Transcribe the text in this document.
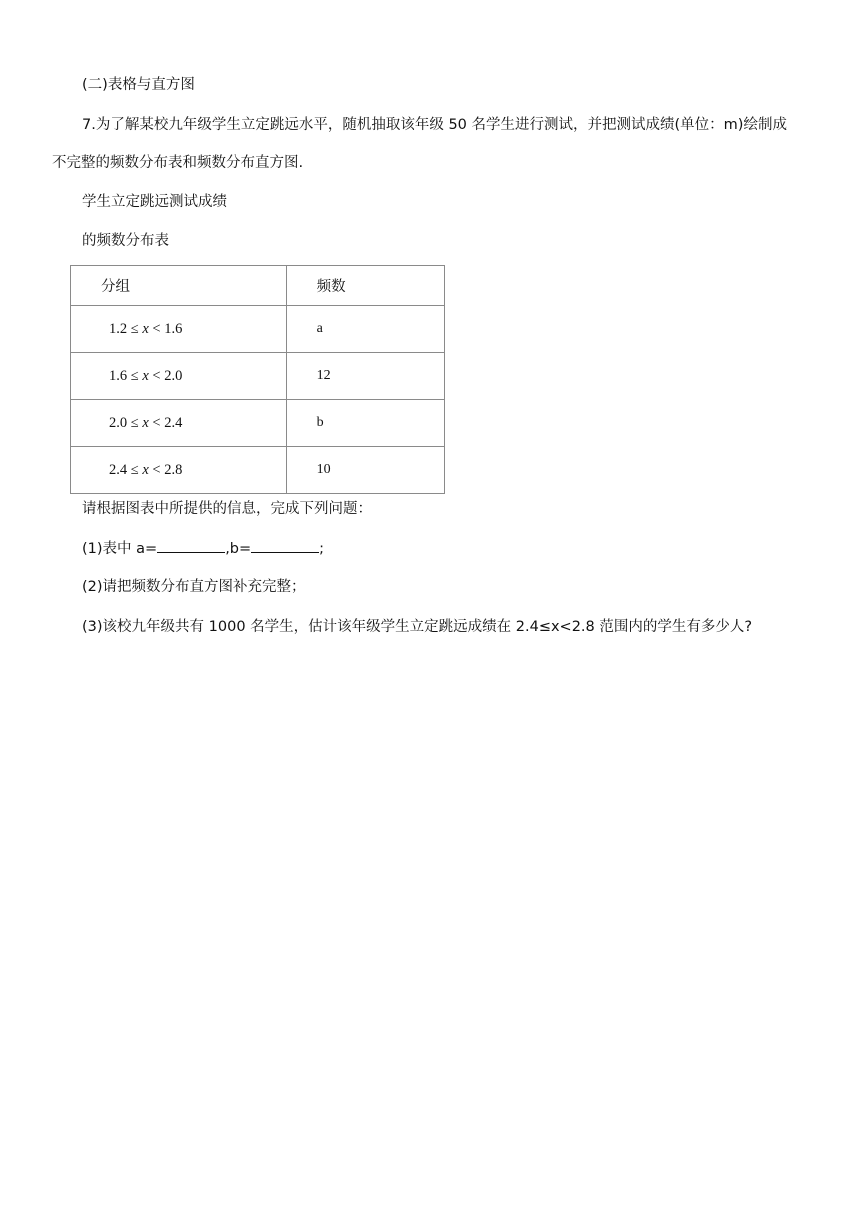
(二)表格与直方图
7.为了解某校九年级学生立定跳远水平，随机抽取该年级 50 名学生进行测试，并把测试成绩(单位：m)绘制成
不完整的频数分布表和频数分布直方图.
学生立定跳远测试成绩
的频数分布表
分组	频数
1.2 ≤ x < 1.6	a
1.6 ≤ x < 2.0	12
2.0 ≤ x < 2.4	b
2.4 ≤ x < 2.8	10
请根据图表中所提供的信息，完成下列问题：
(1)表中 a=	,b=	;
(2)请把频数分布直方图补充完整；
(3)该校九年级共有 1000 名学生，估计该年级学生立定跳远成绩在 2.4≤x<2.8 范围内的学生有多少人?
